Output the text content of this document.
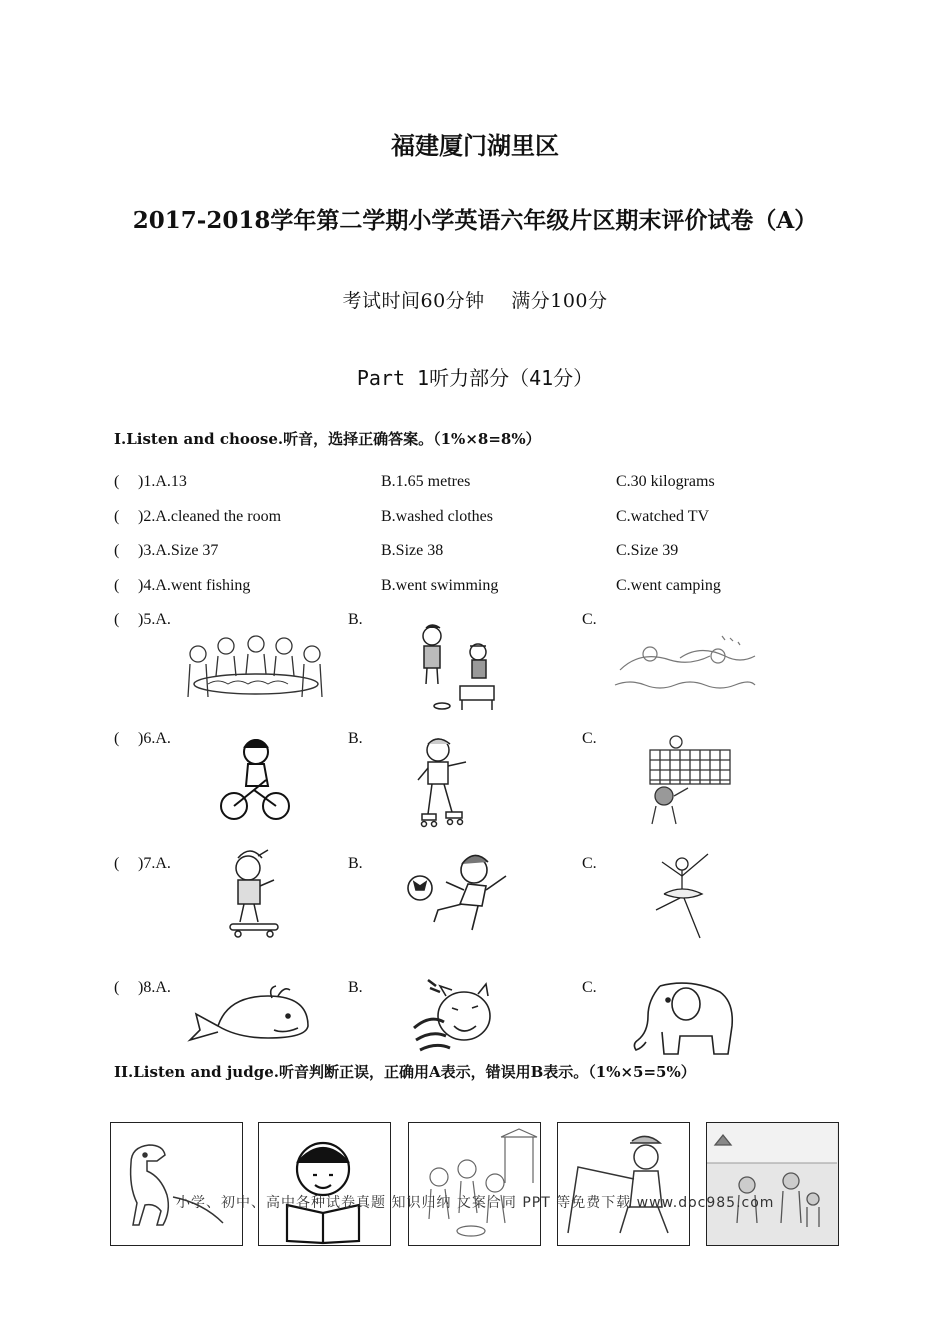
福建厦门湖里区
2017-2018学年第二学期小学英语六年级片区期末评价试卷（A）
考试时间60分钟 满分100分
Part 1听力部分（41分）
I.Listen and choose.听音，选择正确答案。（1%×8=8%）
( )1.A.13	B.1.65 metres	C.30 kilograms
( )2.A.cleaned the room	B.washed clothes	C.watched TV
( )3.A.Size 37	B.Size 38	C.Size 39
( )4.A.went fishing	B.went swimming	C.went camping
( )5.A.	B.	C.
( )6.A.	B.	C.
( )7.A.	B.	C.
( )8.A.	B.	C.
II.Listen and judge.听音判断正误，正确用A表示，错误用B表示。（1%×5=5%）
小学、初中、高中各种试卷真题 知识归纳 文案合同 PPT 等免费下载 www.doc985.com
